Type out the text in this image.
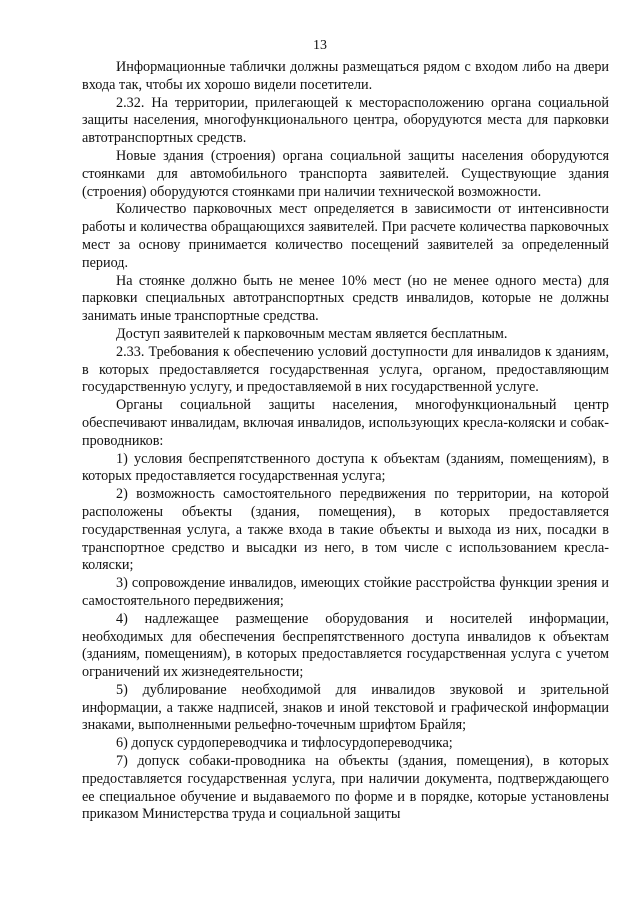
13

Информационные таблички должны размещаться рядом с входом либо на двери входа так, чтобы их хорошо видели посетители.

2.32. На территории, прилегающей к месторасположению органа социальной защиты населения, многофункционального центра, оборудуются места для парковки автотранспортных средств.

Новые здания (строения) органа социальной защиты населения оборудуются стоянками для автомобильного транспорта заявителей. Существующие здания (строения) оборудуются стоянками при наличии технической возможности.

Количество парковочных мест определяется в зависимости от интенсивности работы и количества обращающихся заявителей. При расчете количества парковочных мест за основу принимается количество посещений заявителей за определенный период.

На стоянке должно быть не менее 10% мест (но не менее одного места) для парковки специальных автотранспортных средств инвалидов, которые не должны занимать иные транспортные средства.

Доступ заявителей к парковочным местам является бесплатным.

2.33. Требования к обеспечению условий доступности для инвалидов к зданиям, в которых предоставляется государственная услуга, органом, предоставляющим государственную услугу, и предоставляемой в них государственной услуге.

Органы социальной защиты населения, многофункциональный центр обеспечивают инвалидам, включая инвалидов, использующих кресла-коляски и собак-проводников:

1) условия беспрепятственного доступа к объектам (зданиям, помещениям), в которых предоставляется государственная услуга;

2) возможность самостоятельного передвижения по территории, на которой расположены объекты (здания, помещения), в которых предоставляется государственная услуга, а также входа в такие объекты и выхода из них, посадки в транспортное средство и высадки из него, в том числе с использованием кресла-коляски;

3) сопровождение инвалидов, имеющих стойкие расстройства функции зрения и самостоятельного передвижения;

4) надлежащее размещение оборудования и носителей информации, необходимых для обеспечения беспрепятственного доступа инвалидов к объектам (зданиям, помещениям), в которых предоставляется государственная услуга с учетом ограничений их жизнедеятельности;

5) дублирование необходимой для инвалидов звуковой и зрительной информации, а также надписей, знаков и иной текстовой и графической информации знаками, выполненными рельефно-точечным шрифтом Брайля;

6) допуск сурдопереводчика и тифлосурдопереводчика;

7) допуск собаки-проводника на объекты (здания, помещения), в которых предоставляется государственная услуга, при наличии документа, подтверждающего ее специальное обучение и выдаваемого по форме и в порядке, которые установлены приказом Министерства труда и социальной защиты
